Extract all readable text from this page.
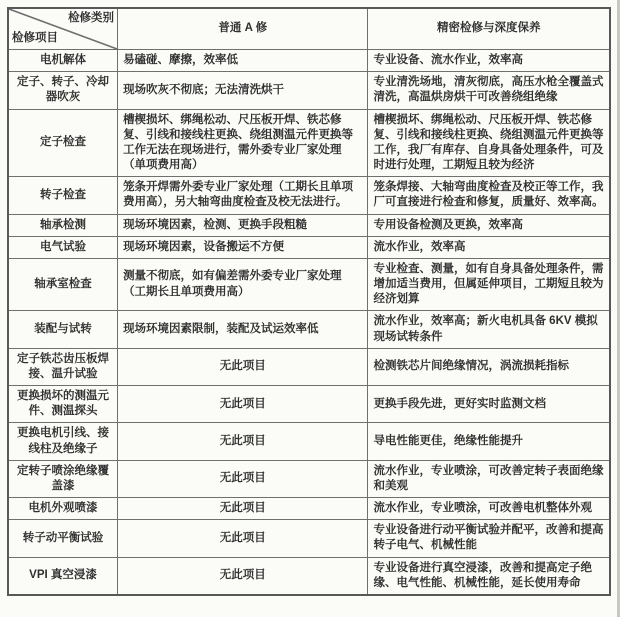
检修类别
检修项目	普通 A 修	精密检修与深度保养
电机解体	易磕碰、摩擦，效率低	专业设备、流水作业，效率高
定子、转子、冷却器吹灰	现场吹灰不彻底；无法清洗烘干	专业清洗场地，清灰彻底，高压水枪全覆盖式清洗，高温烘房烘干可改善绕组绝缘
定子检查	槽楔损坏、绑绳松动、尺压板开焊、铁芯修复、引线和接线柱更换、绕组测温元件更换等工作无法在现场进行，需外委专业厂家处理（单项费用高）	槽楔损坏、绑绳松动、尺压板开焊、铁芯修复、引线和接线柱更换、绕组测温元件更换等工作，我厂有库存、自身具备处理条件，可及时进行处理，工期短且较为经济
转子检查	笼条开焊需外委专业厂家处理（工期长且单项费用高），另大轴弯曲度检查及校无法进行。	笼条焊接、大轴弯曲度检查及校正等工作，我厂可直接进行检查和修复，质量好、效率高。
轴承检测	现场环境因素，检测、更换手段粗糙	专用设备检测及更换，效率高
电气试验	现场环境因素，设备搬运不方便	流水作业，效率高
轴承室检查	测量不彻底，如有偏差需外委专业厂家处理（工期长且单项费用高）	专业检查、测量，如有自身具备处理条件，需增加适当费用，但属延伸项目，工期短且较为经济划算
装配与试转	现场环境因素限制，装配及试运效率低	流水作业，效率高；新火电机具备 6KV 模拟现场试转条件
定子铁芯齿压板焊接、温升试验	无此项目	检测铁芯片间绝缘情况，涡流损耗指标
更换损坏的测温元件、测温探头	无此项目	更换手段先进，更好实时监测文档
更换电机引线、接线柱及绝缘子	无此项目	导电性能更佳，绝缘性能提升
定转子喷涂绝缘覆盖漆	无此项目	流水作业，专业喷涂，可改善定转子表面绝缘和美观
电机外观喷漆	无此项目	流水作业，专业喷涂，可改善电机整体外观
转子动平衡试验	无此项目	专业设备进行动平衡试验并配平，改善和提高转子电气、机械性能
VPI 真空浸漆	无此项目	专业设备进行真空浸漆，改善和提高定子绝缘、电气性能、机械性能，延长使用寿命
